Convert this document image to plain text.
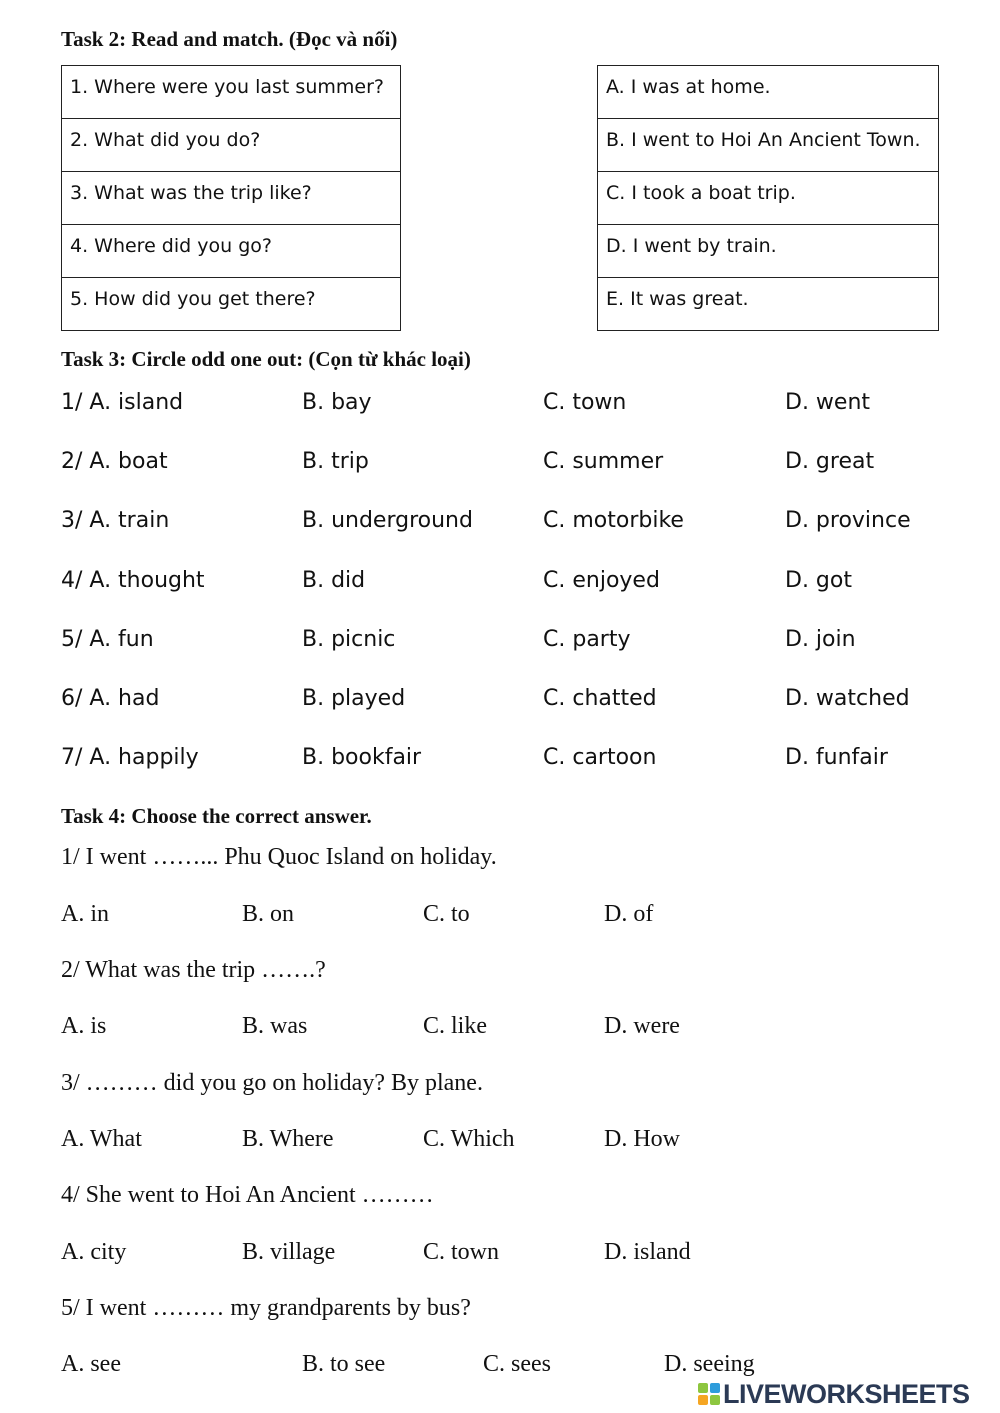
Task 2: Read and match. (Đọc và nối)
1. Where were you last summer?
2. What did you do?
3. What was the trip like?
4. Where did you go?
5. How did you get there?
A. I was at home.
B. I went to Hoi An Ancient Town.
C. I took a boat trip.
D. I went by train.
E. It was great.
Task 3: Circle odd one out: (Cọn từ khác loại)
1/ A. island	B. bay	C. town	D. went
2/ A. boat	B. trip	C. summer	D. great
3/ A. train	B. underground	C. motorbike	D. province
4/ A. thought	B. did	C. enjoyed	D. got
5/ A. fun	B. picnic	C. party	D. join
6/ A. had	B. played	C. chatted	D. watched
7/ A. happily	B. bookfair	C. cartoon	D. funfair
Task 4: Choose the correct answer.
1/ I went ……... Phu Quoc Island on holiday.
A. in	B. on	C. to	D. of
2/ What was the trip …….?
A. is	B. was	C. like	D. were
3/ ……… did you go on holiday? By plane.
A. What	B. Where	C. Which	D. How
4/ She went to Hoi An Ancient ………
A. city	B. village	C. town	D. island
5/ I went ……… my grandparents by bus?
A. see	B. to see	C. sees	D. seeing
LIVEWORKSHEETS
